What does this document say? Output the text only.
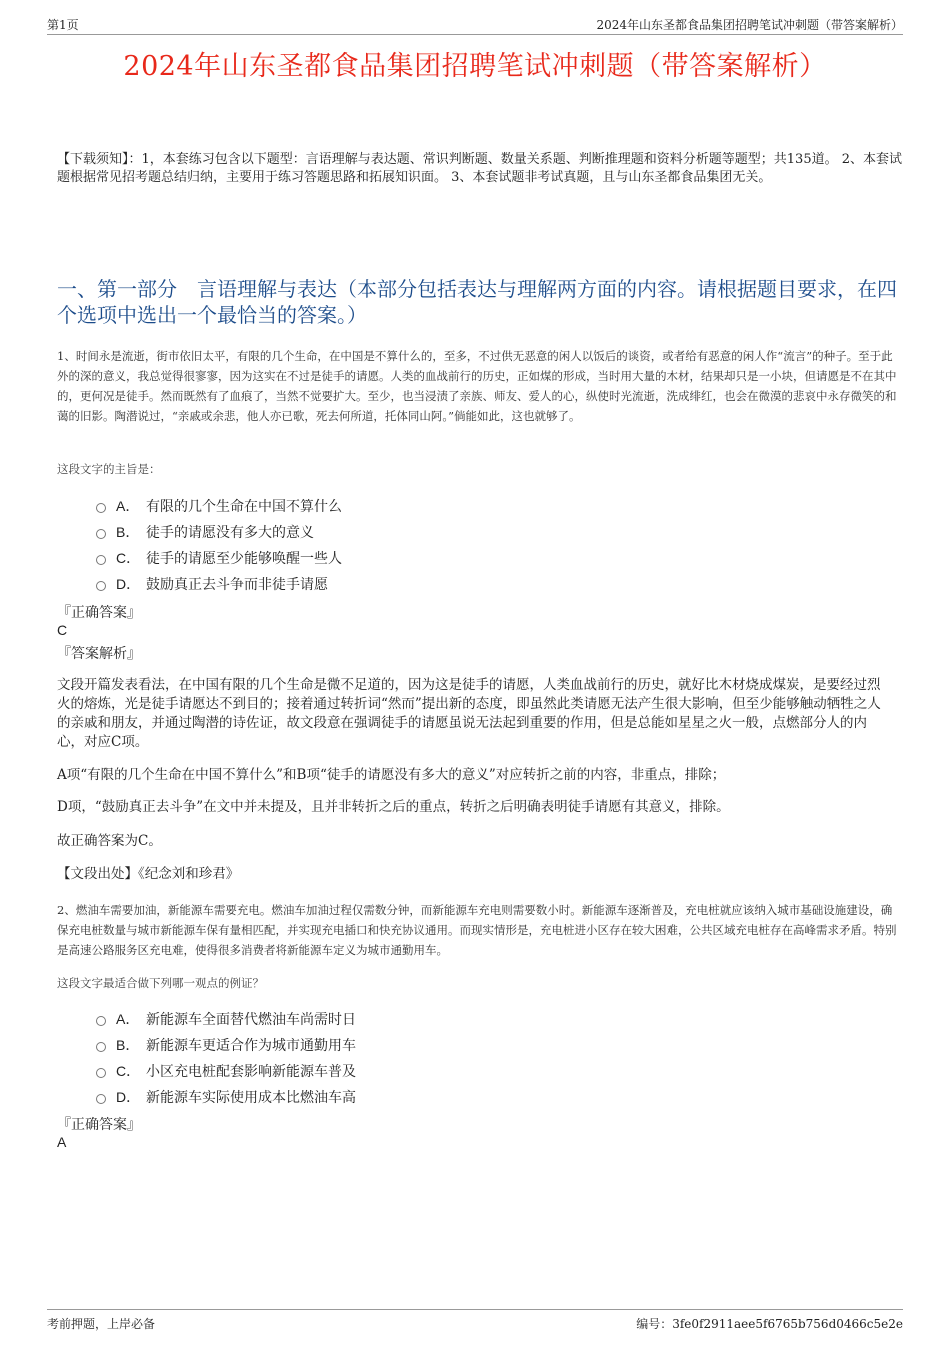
第1页	2024年山东圣都食品集团招聘笔试冲刺题（带答案解析）
2024年山东圣都食品集团招聘笔试冲刺题（带答案解析）
【下载须知】：1，本套练习包含以下题型：言语理解与表达题、常识判断题、数量关系题、判断推理题和资料分析题等题型；共135道。 2、本套试题根据常见招考题总结归纳，主要用于练习答题思路和拓展知识面。 3、本套试题非考试真题，且与山东圣都食品集团无关。
一、第一部分　言语理解与表达（本部分包括表达与理解两方面的内容。请根据题目要求，在四个选项中选出一个最恰当的答案。）
1、时间永是流逝，街市依旧太平，有限的几个生命，在中国是不算什么的，至多，不过供无恶意的闲人以饭后的谈资，或者给有恶意的闲人作“流言”的种子。至于此外的深的意义，我总觉得很寥寥，因为这实在不过是徒手的请愿。人类的血战前行的历史，正如煤的形成，当时用大量的木材，结果却只是一小块，但请愿是不在其中的，更何况是徒手。然而既然有了血痕了，当然不觉要扩大。至少，也当浸渍了亲族、师友、爱人的心，纵使时光流逝，洗成绯红，也会在微漠的悲哀中永存微笑的和蔼的旧影。陶潜说过，“亲戚或余悲，他人亦已歌，死去何所道，托体同山阿。”倘能如此，这也就够了。
这段文字的主旨是：
A． 有限的几个生命在中国不算什么
B． 徒手的请愿没有多大的意义
C． 徒手的请愿至少能够唤醒一些人
D． 鼓励真正去斗争而非徒手请愿
『正确答案』
C
『答案解析』
文段开篇发表看法，在中国有限的几个生命是微不足道的，因为这是徒手的请愿，人类血战前行的历史，就好比木材烧成煤炭，是要经过烈火的熔炼，光是徒手请愿达不到目的；接着通过转折词“然而”提出新的态度，即虽然此类请愿无法产生很大影响，但至少能够触动牺牲之人的亲戚和朋友，并通过陶潜的诗佐证，故文段意在强调徒手的请愿虽说无法起到重要的作用，但是总能如星星之火一般，点燃部分人的内心，对应C项。
A项“有限的几个生命在中国不算什么”和B项“徒手的请愿没有多大的意义”对应转折之前的内容，非重点，排除；
D项，“鼓励真正去斗争”在文中并未提及，且并非转折之后的重点，转折之后明确表明徒手请愿有其意义，排除。
故正确答案为C。
【文段出处】《纪念刘和珍君》
2、燃油车需要加油，新能源车需要充电。燃油车加油过程仅需数分钟，而新能源车充电则需要数小时。新能源车逐渐普及，充电桩就应该纳入城市基础设施建设，确保充电桩数量与城市新能源车保有量相匹配，并实现充电插口和快充协议通用。而现实情形是，充电桩进小区存在较大困难，公共区域充电桩存在高峰需求矛盾。特别是高速公路服务区充电难，使得很多消费者将新能源车定义为城市通勤用车。
这段文字最适合做下列哪一观点的例证？
A． 新能源车全面替代燃油车尚需时日
B． 新能源车更适合作为城市通勤用车
C． 小区充电桩配套影响新能源车普及
D． 新能源车实际使用成本比燃油车高
『正确答案』
A
考前押题，上岸必备	编号：3fe0f2911aee5f6765b756d0466c5e2e
